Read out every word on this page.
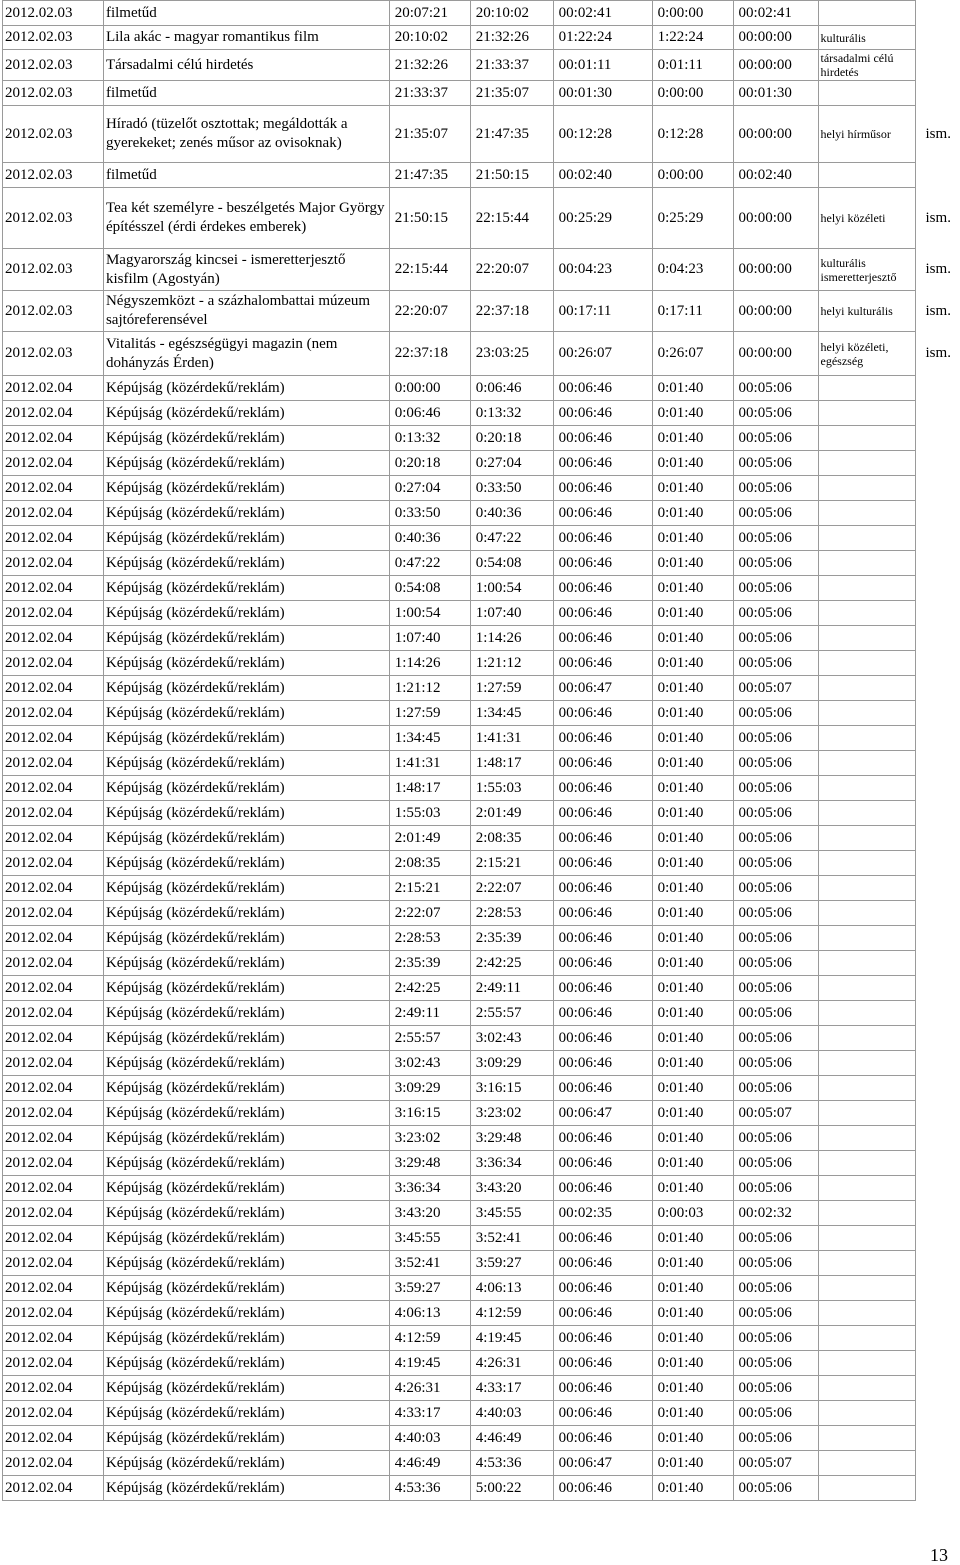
2012.02.03	filmetűd	20:07:21	20:10:02	00:02:41	0:00:00	00:02:41		
2012.02.03	Lila akác - magyar romantikus film	20:10:02	21:32:26	01:22:24	1:22:24	00:00:00	kulturális	
2012.02.03	Társadalmi célú hirdetés	21:32:26	21:33:37	00:01:11	0:01:11	00:00:00	társadalmi célú hirdetés	
2012.02.03	filmetűd	21:33:37	21:35:07	00:01:30	0:00:00	00:01:30		
2012.02.03	Híradó (tüzelőt osztottak; megáldották a gyerekeket; zenés műsor az ovisoknak)	21:35:07	21:47:35	00:12:28	0:12:28	00:00:00	helyi hírműsor	ism.
2012.02.03	filmetűd	21:47:35	21:50:15	00:02:40	0:00:00	00:02:40		
2012.02.03	Tea két személyre - beszélgetés Major György építésszel (érdi érdekes emberek)	21:50:15	22:15:44	00:25:29	0:25:29	00:00:00	helyi közéleti	ism.
2012.02.03	Magyarország kincsei - ismeretterjesztő kisfilm (Agostyán)	22:15:44	22:20:07	00:04:23	0:04:23	00:00:00	kulturális ismeretterjesztő	ism.
2012.02.03	Négyszemközt - a százhalombattai múzeum sajtóreferensével	22:20:07	22:37:18	00:17:11	0:17:11	00:00:00	helyi kulturális	ism.
2012.02.03	Vitalitás - egészségügyi magazin (nem dohányzás Érden)	22:37:18	23:03:25	00:26:07	0:26:07	00:00:00	helyi közéleti, egészség	ism.
2012.02.04	Képújság (közérdekű/reklám)	0:00:00	0:06:46	00:06:46	0:01:40	00:05:06		
2012.02.04	Képújság (közérdekű/reklám)	0:06:46	0:13:32	00:06:46	0:01:40	00:05:06		
2012.02.04	Képújság (közérdekű/reklám)	0:13:32	0:20:18	00:06:46	0:01:40	00:05:06		
2012.02.04	Képújság (közérdekű/reklám)	0:20:18	0:27:04	00:06:46	0:01:40	00:05:06		
2012.02.04	Képújság (közérdekű/reklám)	0:27:04	0:33:50	00:06:46	0:01:40	00:05:06		
2012.02.04	Képújság (közérdekű/reklám)	0:33:50	0:40:36	00:06:46	0:01:40	00:05:06		
2012.02.04	Képújság (közérdekű/reklám)	0:40:36	0:47:22	00:06:46	0:01:40	00:05:06		
2012.02.04	Képújság (közérdekű/reklám)	0:47:22	0:54:08	00:06:46	0:01:40	00:05:06		
2012.02.04	Képújság (közérdekű/reklám)	0:54:08	1:00:54	00:06:46	0:01:40	00:05:06		
2012.02.04	Képújság (közérdekű/reklám)	1:00:54	1:07:40	00:06:46	0:01:40	00:05:06		
2012.02.04	Képújság (közérdekű/reklám)	1:07:40	1:14:26	00:06:46	0:01:40	00:05:06		
2012.02.04	Képújság (közérdekű/reklám)	1:14:26	1:21:12	00:06:46	0:01:40	00:05:06		
2012.02.04	Képújság (közérdekű/reklám)	1:21:12	1:27:59	00:06:47	0:01:40	00:05:07		
2012.02.04	Képújság (közérdekű/reklám)	1:27:59	1:34:45	00:06:46	0:01:40	00:05:06		
2012.02.04	Képújság (közérdekű/reklám)	1:34:45	1:41:31	00:06:46	0:01:40	00:05:06		
2012.02.04	Képújság (közérdekű/reklám)	1:41:31	1:48:17	00:06:46	0:01:40	00:05:06		
2012.02.04	Képújság (közérdekű/reklám)	1:48:17	1:55:03	00:06:46	0:01:40	00:05:06		
2012.02.04	Képújság (közérdekű/reklám)	1:55:03	2:01:49	00:06:46	0:01:40	00:05:06		
2012.02.04	Képújság (közérdekű/reklám)	2:01:49	2:08:35	00:06:46	0:01:40	00:05:06		
2012.02.04	Képújság (közérdekű/reklám)	2:08:35	2:15:21	00:06:46	0:01:40	00:05:06		
2012.02.04	Képújság (közérdekű/reklám)	2:15:21	2:22:07	00:06:46	0:01:40	00:05:06		
2012.02.04	Képújság (közérdekű/reklám)	2:22:07	2:28:53	00:06:46	0:01:40	00:05:06		
2012.02.04	Képújság (közérdekű/reklám)	2:28:53	2:35:39	00:06:46	0:01:40	00:05:06		
2012.02.04	Képújság (közérdekű/reklám)	2:35:39	2:42:25	00:06:46	0:01:40	00:05:06		
2012.02.04	Képújság (közérdekű/reklám)	2:42:25	2:49:11	00:06:46	0:01:40	00:05:06		
2012.02.04	Képújság (közérdekű/reklám)	2:49:11	2:55:57	00:06:46	0:01:40	00:05:06		
2012.02.04	Képújság (közérdekű/reklám)	2:55:57	3:02:43	00:06:46	0:01:40	00:05:06		
2012.02.04	Képújság (közérdekű/reklám)	3:02:43	3:09:29	00:06:46	0:01:40	00:05:06		
2012.02.04	Képújság (közérdekű/reklám)	3:09:29	3:16:15	00:06:46	0:01:40	00:05:06		
2012.02.04	Képújság (közérdekű/reklám)	3:16:15	3:23:02	00:06:47	0:01:40	00:05:07		
2012.02.04	Képújság (közérdekű/reklám)	3:23:02	3:29:48	00:06:46	0:01:40	00:05:06		
2012.02.04	Képújság (közérdekű/reklám)	3:29:48	3:36:34	00:06:46	0:01:40	00:05:06		
2012.02.04	Képújság (közérdekű/reklám)	3:36:34	3:43:20	00:06:46	0:01:40	00:05:06		
2012.02.04	Képújság (közérdekű/reklám)	3:43:20	3:45:55	00:02:35	0:00:03	00:02:32		
2012.02.04	Képújság (közérdekű/reklám)	3:45:55	3:52:41	00:06:46	0:01:40	00:05:06		
2012.02.04	Képújság (közérdekű/reklám)	3:52:41	3:59:27	00:06:46	0:01:40	00:05:06		
2012.02.04	Képújság (közérdekű/reklám)	3:59:27	4:06:13	00:06:46	0:01:40	00:05:06		
2012.02.04	Képújság (közérdekű/reklám)	4:06:13	4:12:59	00:06:46	0:01:40	00:05:06		
2012.02.04	Képújság (közérdekű/reklám)	4:12:59	4:19:45	00:06:46	0:01:40	00:05:06		
2012.02.04	Képújság (közérdekű/reklám)	4:19:45	4:26:31	00:06:46	0:01:40	00:05:06		
2012.02.04	Képújság (közérdekű/reklám)	4:26:31	4:33:17	00:06:46	0:01:40	00:05:06		
2012.02.04	Képújság (közérdekű/reklám)	4:33:17	4:40:03	00:06:46	0:01:40	00:05:06		
2012.02.04	Képújság (közérdekű/reklám)	4:40:03	4:46:49	00:06:46	0:01:40	00:05:06		
2012.02.04	Képújság (közérdekű/reklám)	4:46:49	4:53:36	00:06:47	0:01:40	00:05:07		
2012.02.04	Képújság (közérdekű/reklám)	4:53:36	5:00:22	00:06:46	0:01:40	00:05:06		
13
